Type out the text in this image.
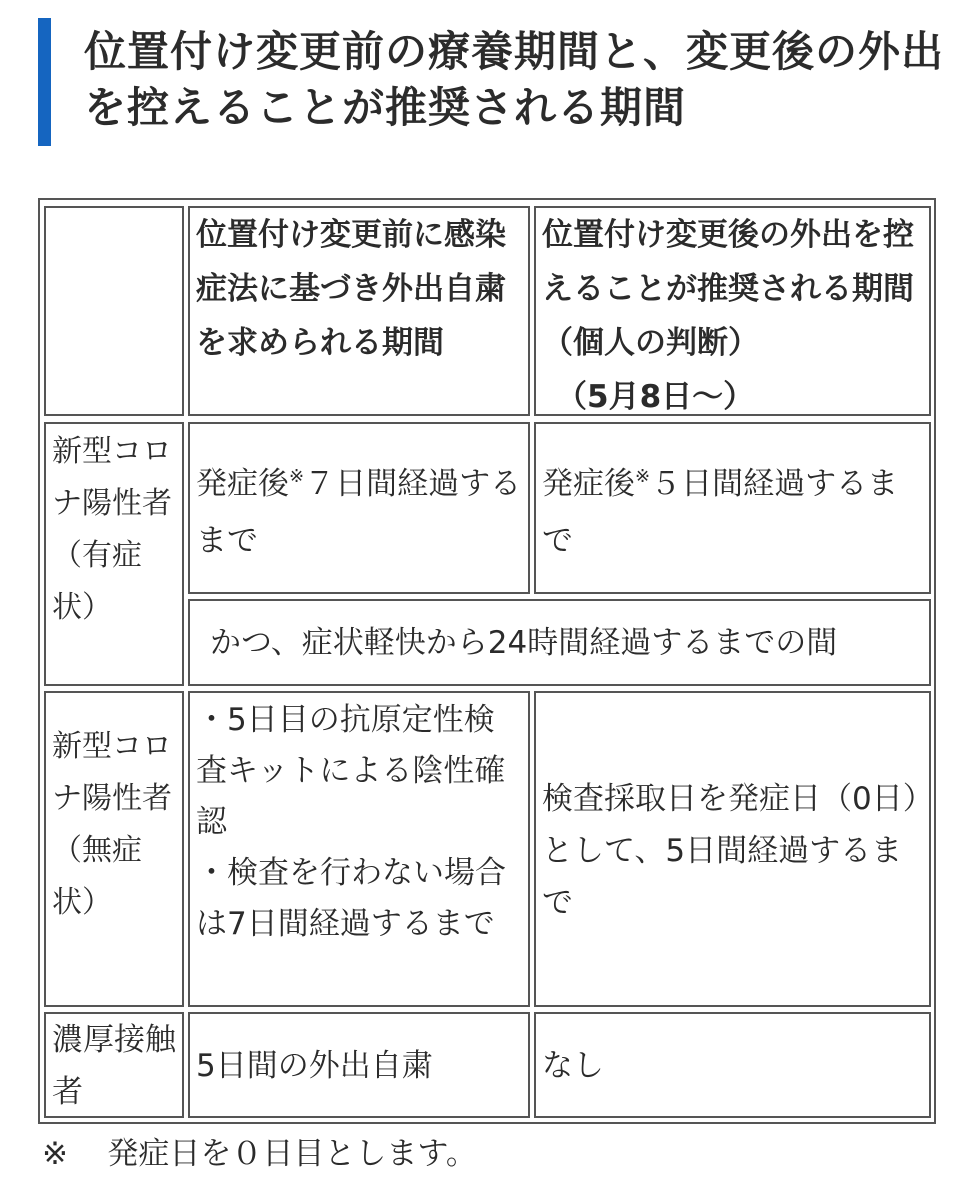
位置付け変更前の療養期間と、変更後の外出を控えることが推奨される期間
位置付け変更前に感染症法に基づき外出自粛を求められる期間
位置付け変更後の外出を控えることが推奨される期間（個人の判断）
（5月8日〜）
新型コロナ陽性者（有症状）
発症後※７日間経過するまで
発症後※５日間経過するまで
かつ、症状軽快から24時間経過するまでの間
新型コロナ陽性者（無症状）
・5日目の抗原定性検査キットによる陰性確認
・検査を行わない場合は7日間経過するまで
検査採取日を発症日（0日）として、5日間経過するまで
濃厚接触者
5日間の外出自粛	なし

※ 発症日を０日目とします。
